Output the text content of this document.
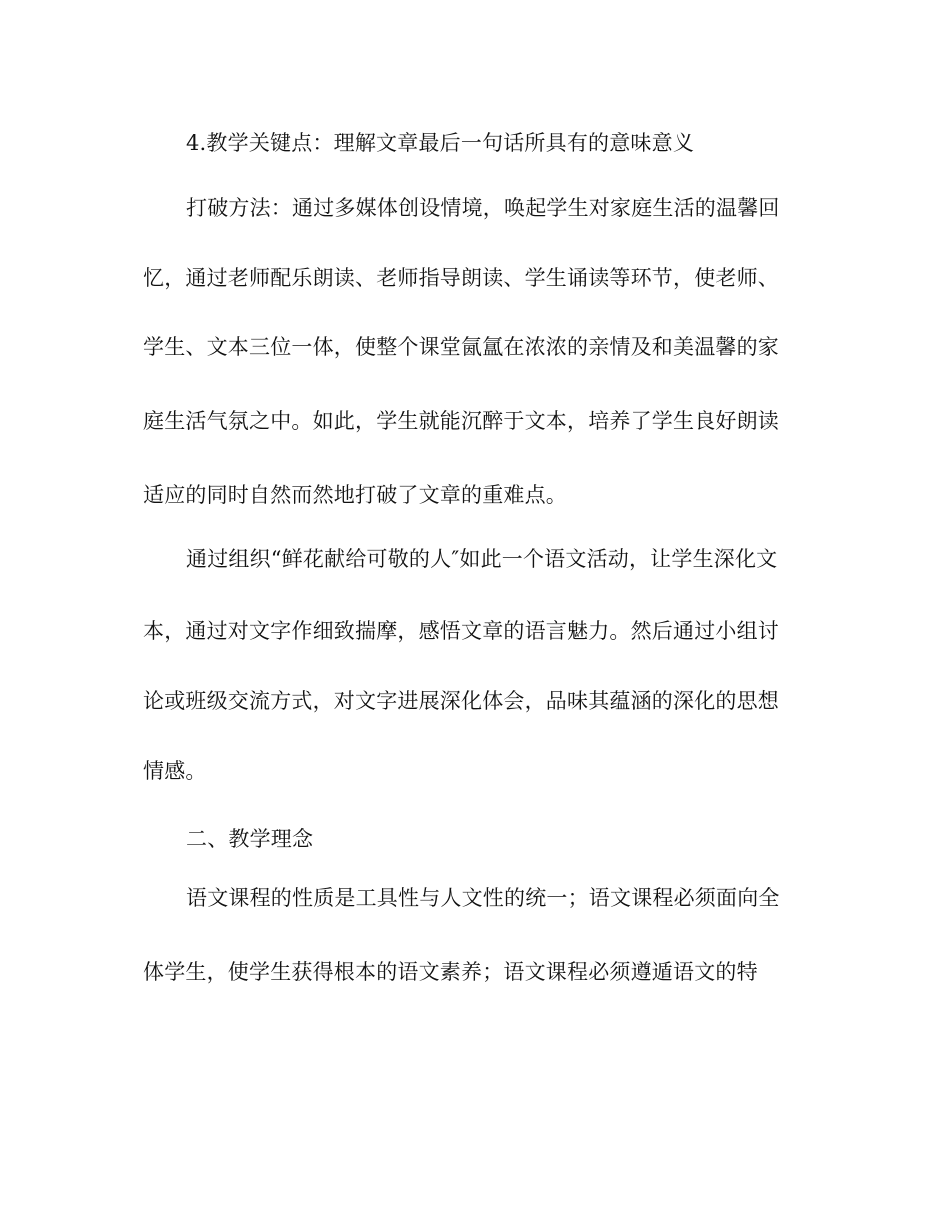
4.教学关键点：理解文章最后一句话所具有的意味意义
打破方法：通过多媒体创设情境，唤起学生对家庭生活的温馨回
忆，通过老师配乐朗读、老师指导朗读、学生诵读等环节，使老师、
学生、文本三位一体，使整个课堂氤氲在浓浓的亲情及和美温馨的家
庭生活气氛之中。如此，学生就能沉醉于文本，培养了学生良好朗读
适应的同时自然而然地打破了文章的重难点。
通过组织“鲜花献给可敬的人″如此一个语文活动，让学生深化文
本，通过对文字作细致揣摩，感悟文章的语言魅力。然后通过小组讨
论或班级交流方式，对文字进展深化体会，品味其蕴涵的深化的思想
情感。
二、教学理念
语文课程的性质是工具性与人文性的统一；语文课程必须面向全
体学生，使学生获得根本的语文素养；语文课程必须遵遁语文的特
